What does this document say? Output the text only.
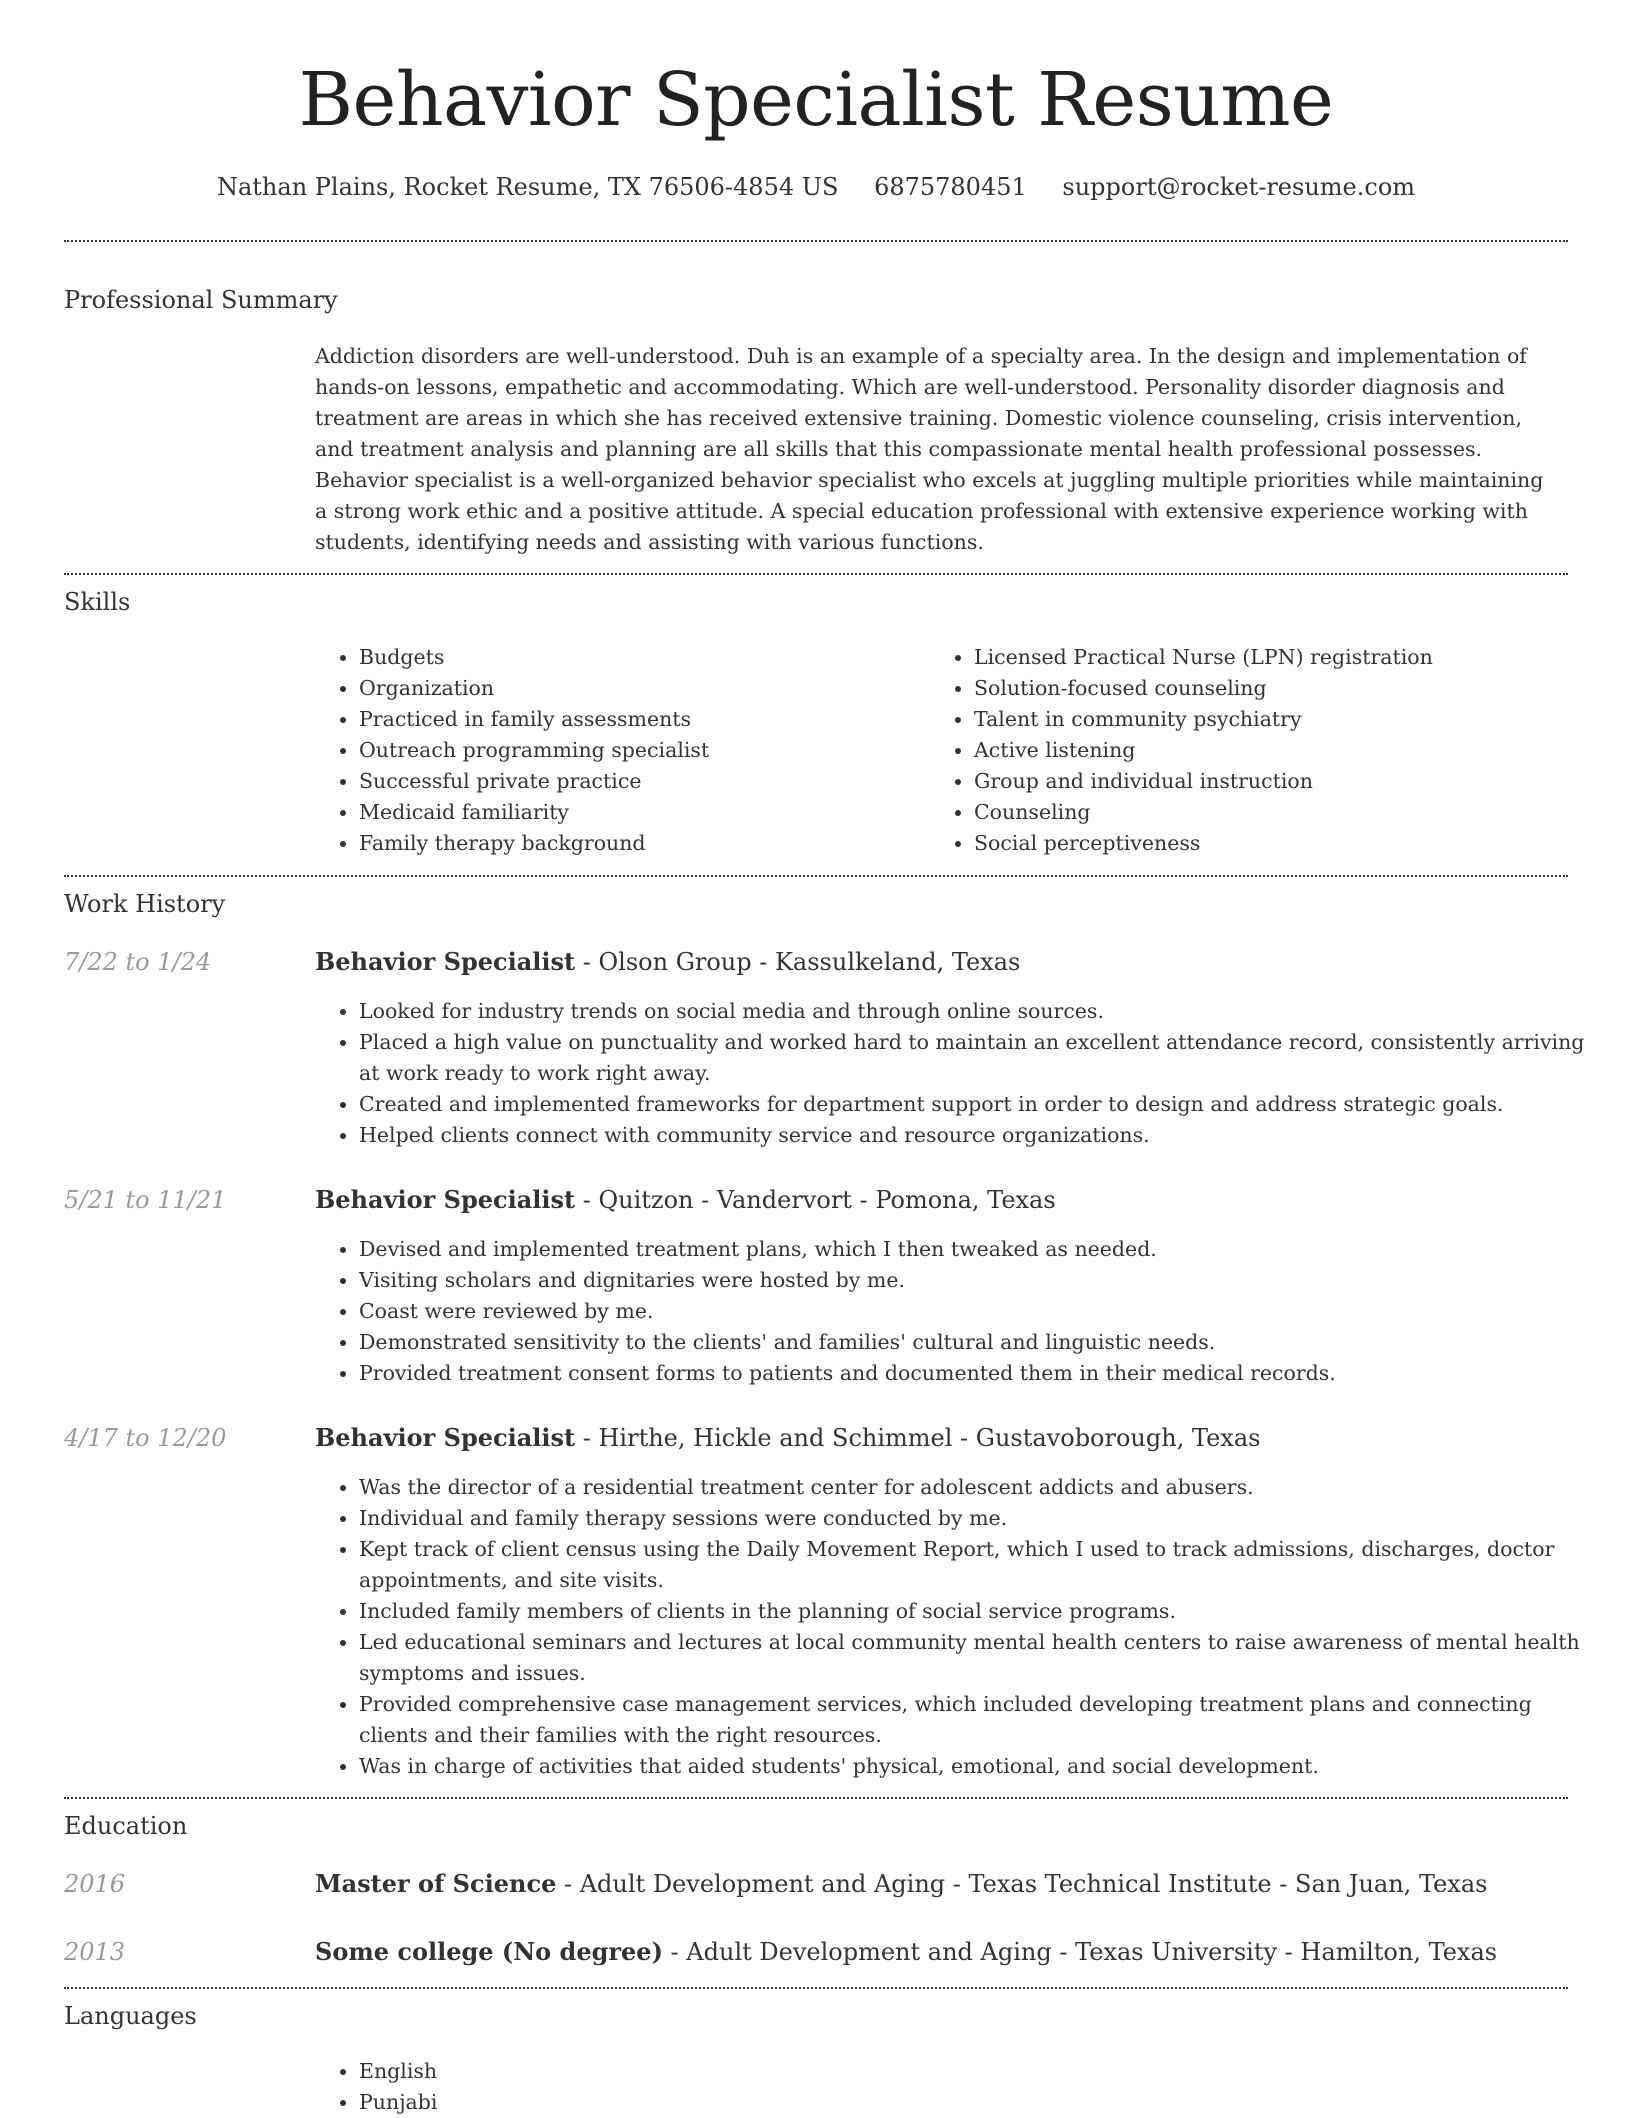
Behavior Specialist Resume
Nathan Plains, Rocket Resume, TX 76506-4854 US 6875780451 support@rocket-resume.com
Professional Summary

Addiction disorders are well-understood. Duh is an example of a specialty area. In the design and implementation of hands-on lessons, empathetic and accommodating. Which are well-understood. Personality disorder diagnosis and treatment are areas in which she has received extensive training. Domestic violence counseling, crisis intervention, and treatment analysis and planning are all skills that this compassionate mental health professional possesses. Behavior specialist is a well-organized behavior specialist who excels at juggling multiple priorities while maintaining a strong work ethic and a positive attitude. A special education professional with extensive experience working with students, identifying needs and assisting with various functions.

Skills
• Budgets
• Organization
• Practiced in family assessments
• Outreach programming specialist
• Successful private practice
• Medicaid familiarity
• Family therapy background
• Licensed Practical Nurse (LPN) registration
• Solution-focused counseling
• Talent in community psychiatry
• Active listening
• Group and individual instruction
• Counseling
• Social perceptiveness
Work History
7/22 to 1/24	Behavior Specialist - Olson Group - Kassulkeland, Texas
• Looked for industry trends on social media and through online sources.
• Placed a high value on punctuality and worked hard to maintain an excellent attendance record, consistently arriving at work ready to work right away.
• Created and implemented frameworks for department support in order to design and address strategic goals.
• Helped clients connect with community service and resource organizations.
5/21 to 11/21	Behavior Specialist - Quitzon - Vandervort - Pomona, Texas
• Devised and implemented treatment plans, which I then tweaked as needed.
• Visiting scholars and dignitaries were hosted by me.
• Coast were reviewed by me.
• Demonstrated sensitivity to the clients' and families' cultural and linguistic needs.
• Provided treatment consent forms to patients and documented them in their medical records.
4/17 to 12/20	Behavior Specialist - Hirthe, Hickle and Schimmel - Gustavoborough, Texas
• Was the director of a residential treatment center for adolescent addicts and abusers.
• Individual and family therapy sessions were conducted by me.
• Kept track of client census using the Daily Movement Report, which I used to track admissions, discharges, doctor appointments, and site visits.
• Included family members of clients in the planning of social service programs.
• Led educational seminars and lectures at local community mental health centers to raise awareness of mental health symptoms and issues.
• Provided comprehensive case management services, which included developing treatment plans and connecting clients and their families with the right resources.
• Was in charge of activities that aided students' physical, emotional, and social development.
Education
2016	Master of Science - Adult Development and Aging - Texas Technical Institute - San Juan, Texas
2013	Some college (No degree) - Adult Development and Aging - Texas University - Hamilton, Texas
Languages
• English
• Punjabi
